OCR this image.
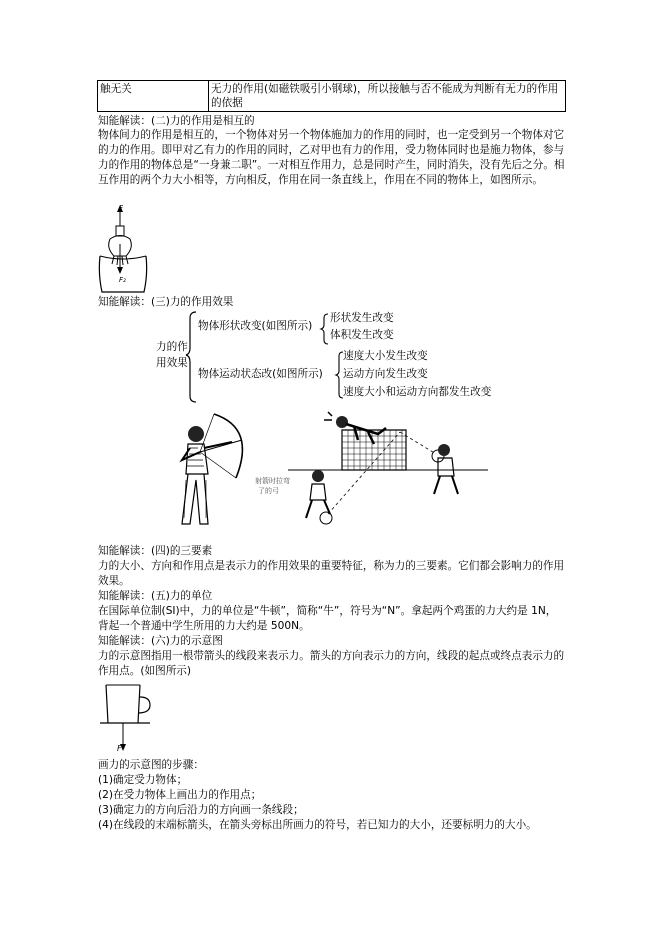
触无关	无力的作用(如磁铁吸引小钢球)，所以接触与否不能成为判断有无力的作用的依据
知能解读：(二)力的作用是相互的
物体间力的作用是相互的，一个物体对另一个物体施加力的作用的同时，也一定受到另一个物体对它的力的作用。即甲对乙有力的作用的同时，乙对甲也有力的作用，受力物体同时也是施力物体，参与力的作用的物体总是“一身兼二职”。一对相互作用力，总是同时产生，同时消失，没有先后之分。相互作用的两个力大小相等，方向相反，作用在同一条直线上，作用在不同的物体上，如图所示。
F
F₂
知能解读：(三)力的作用效果
力的作
用效果
物体形状改变(如图所示)
形状发生改变
体积发生改变
物体运动状态改(如图所示)
速度大小发生改变
运动方向发生改变
速度大小和运动方向都发生改变
射箭时拉弯
了的弓
知能解读：(四)的三要素
力的大小、方向和作用点是表示力的作用效果的重要特征，称为力的三要素。它们都会影响力的作用效果。
知能解读：(五)力的单位
在国际单位制(SI)中，力的单位是“牛顿”，简称“牛”，符号为“N”。拿起两个鸡蛋的力大约是 1N，背起一个普通中学生所用的力大约是 500N。
知能解读：(六)力的示意图
力的示意图指用一根带箭头的线段来表示力。箭头的方向表示力的方向，线段的起点或终点表示力的作用点。(如图所示)
F
画力的示意图的步骤：
(1)确定受力物体；
(2)在受力物体上画出力的作用点；
(3)确定力的方向后沿力的方向画一条线段；
(4)在线段的末端标箭头，在箭头旁标出所画力的符号，若已知力的大小，还要标明力的大小。
